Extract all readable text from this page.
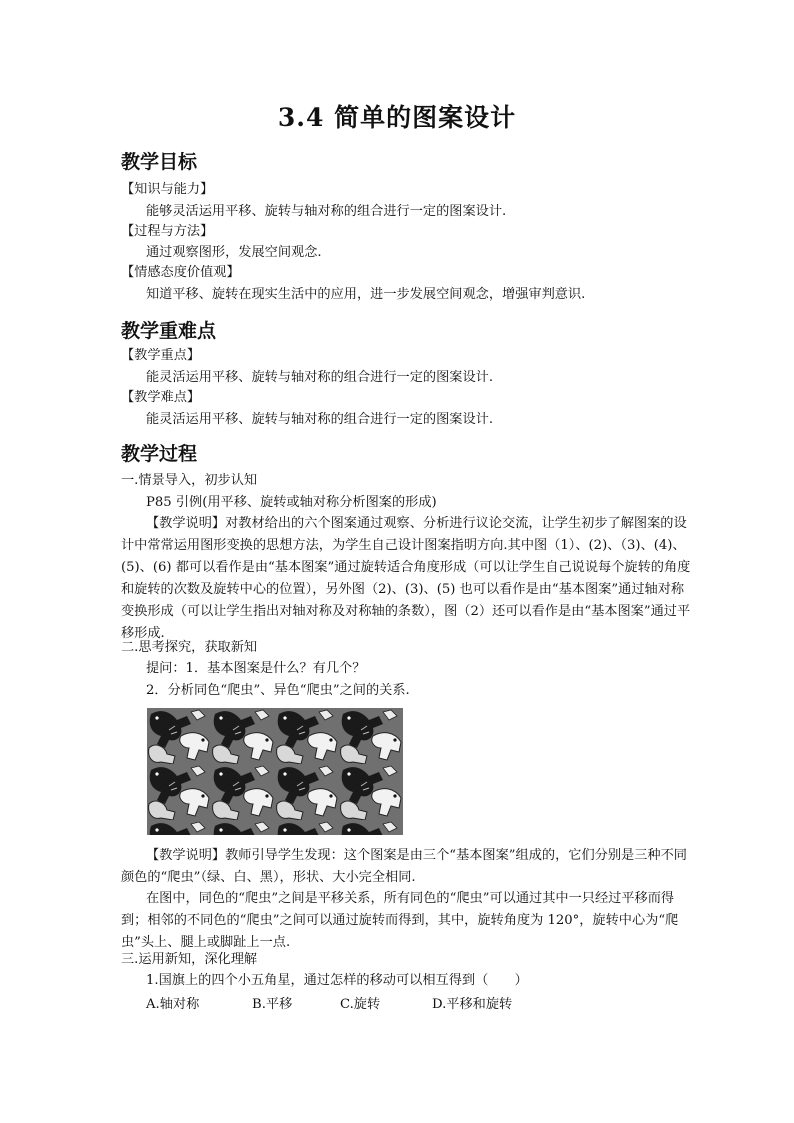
3.4 简单的图案设计
教学目标
【知识与能力】
能够灵活运用平移、旋转与轴对称的组合进行一定的图案设计.
【过程与方法】
通过观察图形，发展空间观念.
【情感态度价值观】
知道平移、旋转在现实生活中的应用，进一步发展空间观念，增强审判意识.
教学重难点
【教学重点】
能灵活运用平移、旋转与轴对称的组合进行一定的图案设计.
【教学难点】
能灵活运用平移、旋转与轴对称的组合进行一定的图案设计.
教学过程
一.情景导入，初步认知
P85 引例(用平移、旋转或轴对称分析图案的形成)
【教学说明】对教材给出的六个图案通过观察、分析进行议论交流，让学生初步了解图案的设计中常常运用图形变换的思想方法，为学生自己设计图案指明方向.其中图（1）、(2)、（3)、(4)、(5)、(6) 都可以看作是由“基本图案”通过旋转适合角度形成（可以让学生自己说说每个旋转的角度和旋转的次数及旋转中心的位置），另外图（2)、(3)、(5) 也可以看作是由“基本图案”通过轴对称变换形成（可以让学生指出对轴对称及对称轴的条数），图（2）还可以看作是由“基本图案”通过平移形成.
二.思考探究，获取新知
提问：1．基本图案是什么？有几个？
2．分析同色“爬虫”、异色“爬虫”之间的关系.
【教学说明】教师引导学生发现：这个图案是由三个“基本图案”组成的，它们分别是三种不同颜色的“爬虫”（绿、白、黑），形状、大小完全相同.
在图中，同色的“爬虫”之间是平移关系，所有同色的“爬虫”可以通过其中一只经过平移而得到；相邻的不同色的“爬虫”之间可以通过旋转而得到，其中，旋转角度为 120°，旋转中心为“爬虫”头上、腿上或脚趾上一点.
三.运用新知，深化理解
1.国旗上的四个小五角星，通过怎样的移动可以相互得到（　　）
A.轴对称	B.平移	C.旋转	D.平移和旋转
